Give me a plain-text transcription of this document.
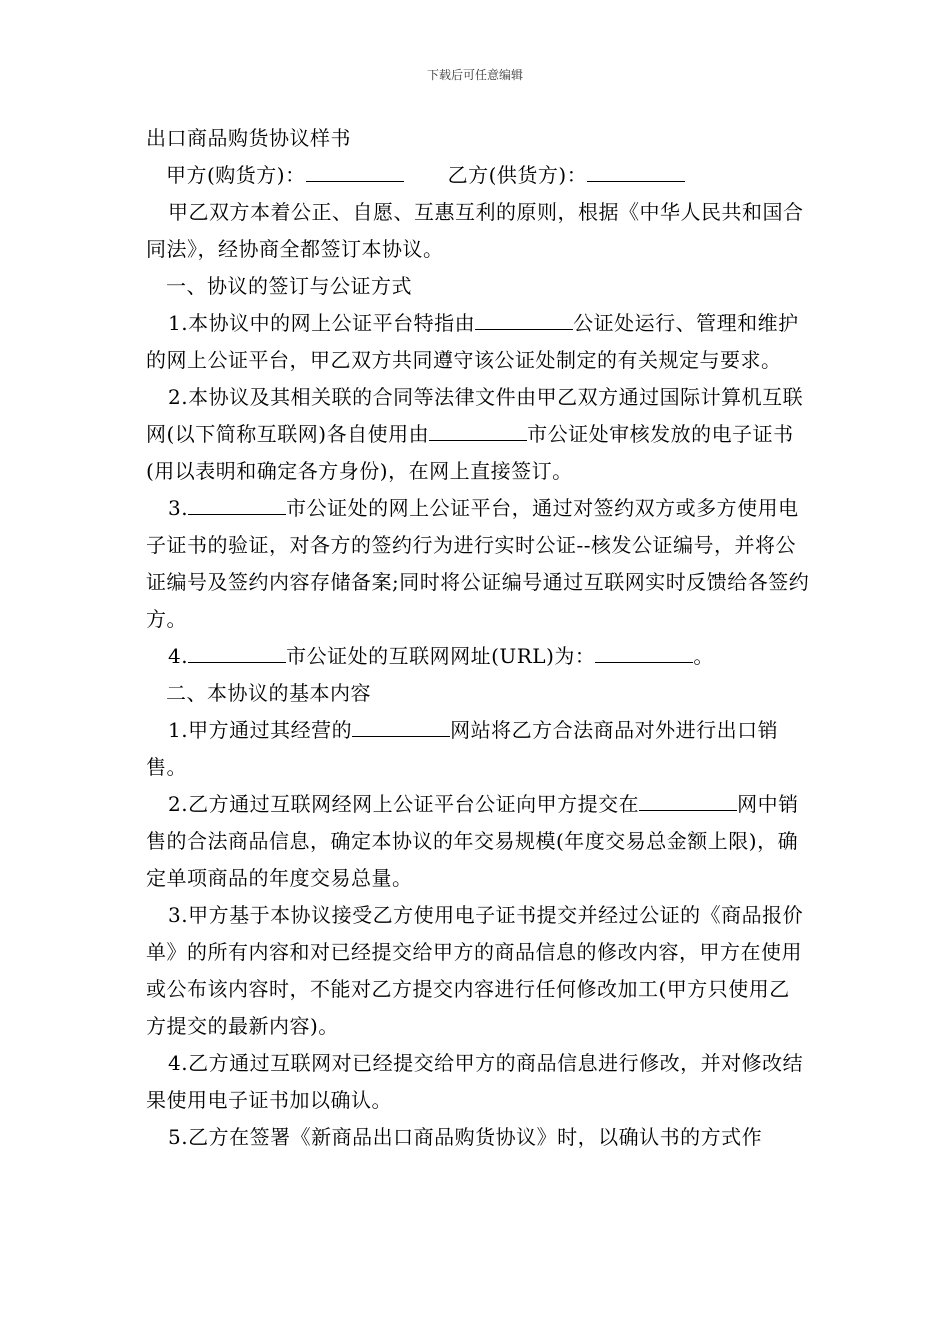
下载后可任意编辑

出口商品购货协议样书

甲方(购货方)：	乙方(供货方)：

甲乙双方本着公正、自愿、互惠互利的原则，根据《中华人民共和国合同法》，经协商全都签订本协议。

一、协议的签订与公证方式

1.本协议中的网上公证平台特指由	公证处运行、管理和维护的网上公证平台，甲乙双方共同遵守该公证处制定的有关规定与要求。

2.本协议及其相关联的合同等法律文件由甲乙双方通过国际计算机互联网(以下简称互联网)各自使用由	市公证处审核发放的电子证书(用以表明和确定各方身份)，在网上直接签订。

3.	市公证处的网上公证平台，通过对签约双方或多方使用电子证书的验证，对各方的签约行为进行实时公证--核发公证编号，并将公证编号及签约内容存储备案;同时将公证编号通过互联网实时反馈给各签约方。

4.	市公证处的互联网网址(URL)为：	。

二、本协议的基本内容

1.甲方通过其经营的	网站将乙方合法商品对外进行出口销售。

2.乙方通过互联网经网上公证平台公证向甲方提交在	网中销售的合法商品信息，确定本协议的年交易规模(年度交易总金额上限)，确定单项商品的年度交易总量。

3.甲方基于本协议接受乙方使用电子证书提交并经过公证的《商品报价单》的所有内容和对已经提交给甲方的商品信息的修改内容，甲方在使用或公布该内容时，不能对乙方提交内容进行任何修改加工(甲方只使用乙方提交的最新内容)。

4.乙方通过互联网对已经提交给甲方的商品信息进行修改，并对修改结果使用电子证书加以确认。

5.乙方在签署《新商品出口商品购货协议》时，以确认书的方式作
